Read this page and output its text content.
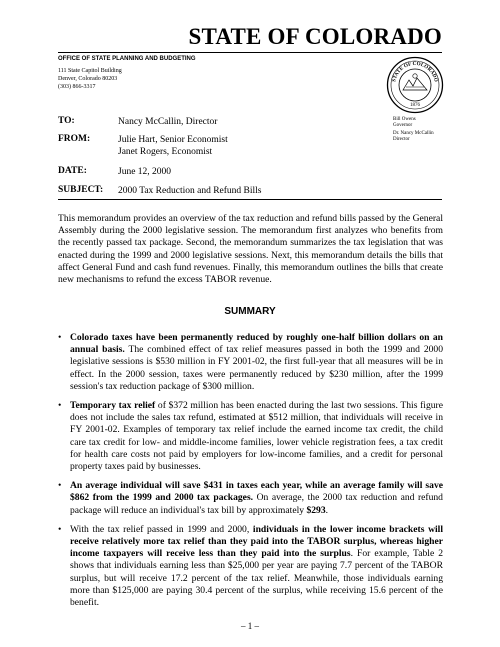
STATE OF COLORADO
OFFICE OF STATE PLANNING AND BUDGETING
111 State Capitol Building
Denver, Colorado 80203
(303) 866-3317
STATE OF COLORADO
1876
TO:	Nancy McCallin, Director
FROM:	Julie Hart, Senior Economist
Janet Rogers, Economist
DATE:	June 12, 2000
SUBJECT:	2000 Tax Reduction and Refund Bills
Bill Owens
Governor
Dr. Nancy McCallin
Director

This memorandum provides an overview of the tax reduction and refund bills passed by the General Assembly during the 2000 legislative session. The memorandum first analyzes who benefits from the recently passed tax package. Second, the memorandum summarizes the tax legislation that was enacted during the 1999 and 2000 legislative sessions. Next, this memorandum details the bills that affect General Fund and cash fund revenues. Finally, this memorandum outlines the bills that create new mechanisms to refund the excess TABOR revenue.

SUMMARY
• Colorado taxes have been permanently reduced by roughly one-half billion dollars on an annual basis. The combined effect of tax relief measures passed in both the 1999 and 2000 legislative sessions is $530 million in FY 2001-02, the first full-year that all measures will be in effect. In the 2000 session, taxes were permanently reduced by $230 million, after the 1999 session's tax reduction package of $300 million.
• Temporary tax relief of $372 million has been enacted during the last two sessions. This figure does not include the sales tax refund, estimated at $512 million, that individuals will receive in FY 2001-02. Examples of temporary tax relief include the earned income tax credit, the child care tax credit for low- and middle-income families, lower vehicle registration fees, a tax credit for health care costs not paid by employers for low-income families, and a credit for personal property taxes paid by businesses.
• An average individual will save $431 in taxes each year, while an average family will save $862 from the 1999 and 2000 tax packages. On average, the 2000 tax reduction and refund package will reduce an individual's tax bill by approximately $293.
• With the tax relief passed in 1999 and 2000, individuals in the lower income brackets will receive relatively more tax relief than they paid into the TABOR surplus, whereas higher income taxpayers will receive less than they paid into the surplus. For example, Table 2 shows that individuals earning less than $25,000 per year are paying 7.7 percent of the TABOR surplus, but will receive 17.2 percent of the tax relief. Meanwhile, those individuals earning more than $125,000 are paying 30.4 percent of the surplus, while receiving 15.6 percent of the benefit.
– 1 –
